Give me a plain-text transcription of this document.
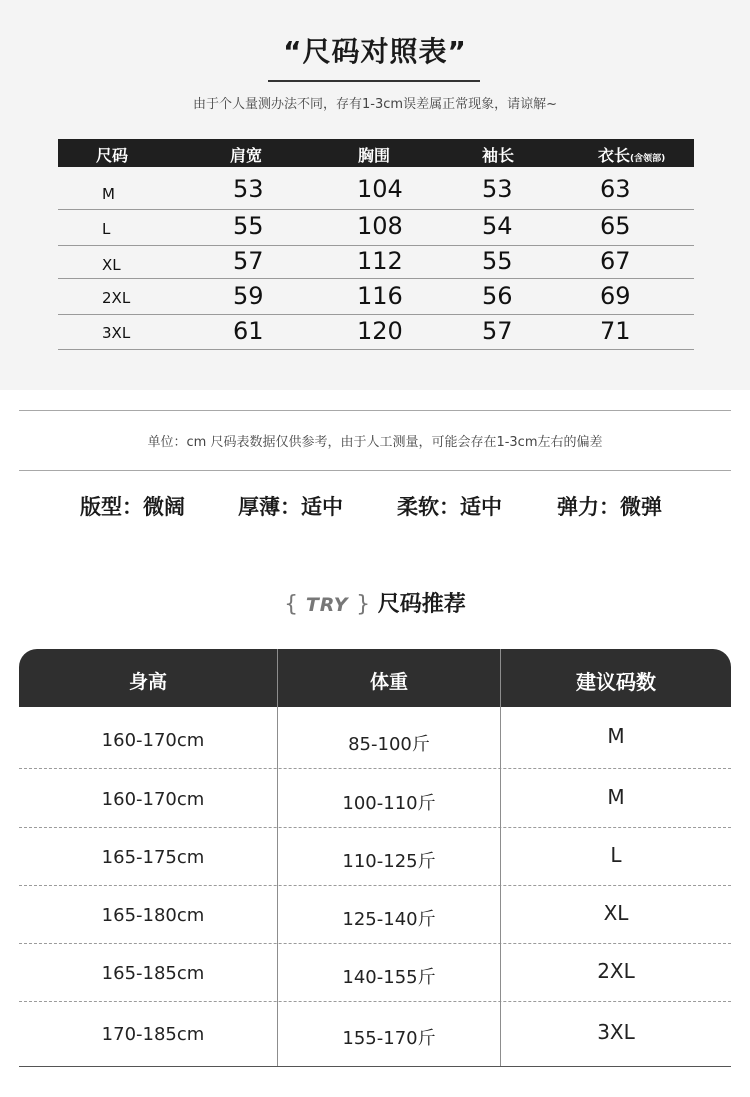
“尺码对照表”
由于个人量测办法不同，存有1-3cm误差属正常现象，请谅解~
尺码	肩宽	胸围	袖长	衣长(含领部)
M	53	104	53	63
L	55	108	54	65
XL	57	112	55	67
2XL	59	116	56	69
3XL	61	120	57	71
单位：cm 尺码表数据仅供参考，由于人工测量，可能会存在1-3cm左右的偏差
版型：微阔	厚薄：适中	柔软：适中	弹力：微弹
{ TRY } 尺码推荐
身高	体重	建议码数
160-170cm	85-100斤	M
160-170cm	100-110斤	M
165-175cm	110-125斤	L
165-180cm	125-140斤	XL
165-185cm	140-155斤	2XL
170-185cm	155-170斤	3XL
